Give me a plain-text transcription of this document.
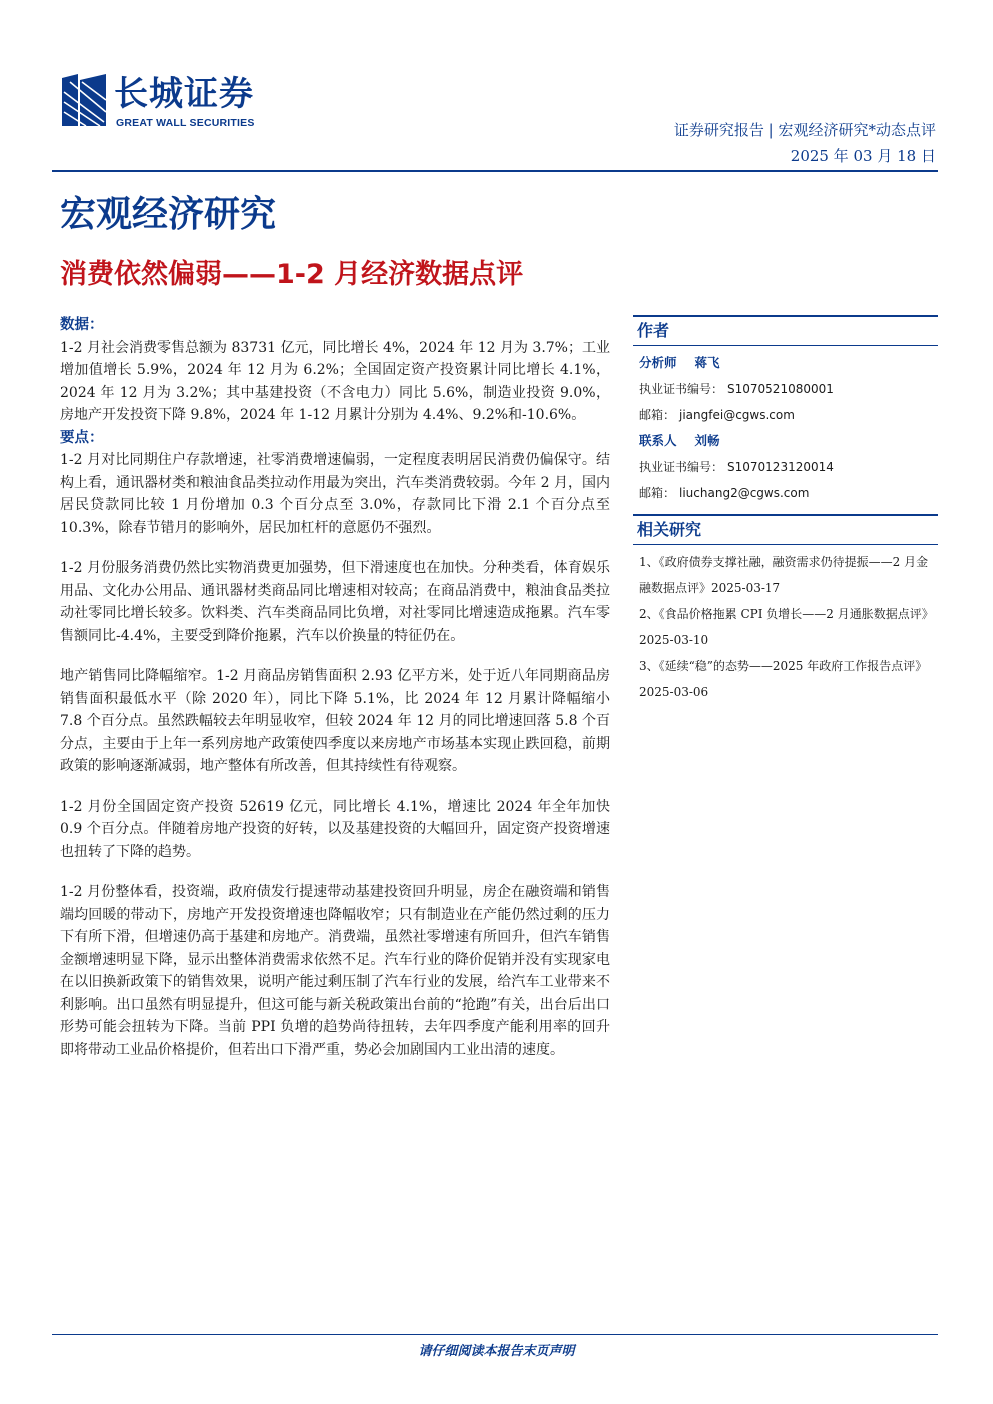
长城证券
GREAT WALL SECURITIES	证券研究报告 | 宏观经济研究*动态点评
2025 年 03 月 18 日
宏观经济研究
消费依然偏弱——1-2 月经济数据点评
数据：

1-2 月社会消费零售总额为 83731 亿元，同比增长 4%，2024 年 12 月为 3.7%；工业增加值增长 5.9%，2024 年 12 月为 6.2%；全国固定资产投资累计同比增长 4.1%，2024 年 12 月为 3.2%；其中基建投资（不含电力）同比 5.6%，制造业投资 9.0%，房地产开发投资下降 9.8%，2024 年 1-12 月累计分别为 4.4%、9.2%和-10.6%。

要点：

1-2 月对比同期住户存款增速，社零消费增速偏弱，一定程度表明居民消费仍偏保守。结构上看，通讯器材类和粮油食品类拉动作用最为突出，汽车类消费较弱。今年 2 月，国内居民贷款同比较 1 月份增加 0.3 个百分点至 3.0%，存款同比下滑 2.1 个百分点至 10.3%，除春节错月的影响外，居民加杠杆的意愿仍不强烈。

1-2 月份服务消费仍然比实物消费更加强势，但下滑速度也在加快。分种类看，体育娱乐用品、文化办公用品、通讯器材类商品同比增速相对较高；在商品消费中，粮油食品类拉动社零同比增长较多。饮料类、汽车类商品同比负增，对社零同比增速造成拖累。汽车零售额同比-4.4%，主要受到降价拖累，汽车以价换量的特征仍在。

地产销售同比降幅缩窄。1-2 月商品房销售面积 2.93 亿平方米，处于近八年同期商品房销售面积最低水平（除 2020 年），同比下降 5.1%，比 2024 年 12 月累计降幅缩小 7.8 个百分点。虽然跌幅较去年明显收窄，但较 2024 年 12 月的同比增速回落 5.8 个百分点，主要由于上年一系列房地产政策使四季度以来房地产市场基本实现止跌回稳，前期政策的影响逐渐减弱，地产整体有所改善，但其持续性有待观察。

1-2 月份全国固定资产投资 52619 亿元，同比增长 4.1%，增速比 2024 年全年加快 0.9 个百分点。伴随着房地产投资的好转，以及基建投资的大幅回升，固定资产投资增速也扭转了下降的趋势。

1-2 月份整体看，投资端，政府债发行提速带动基建投资回升明显，房企在融资端和销售端均回暖的带动下，房地产开发投资增速也降幅收窄；只有制造业在产能仍然过剩的压力下有所下滑，但增速仍高于基建和房地产。消费端，虽然社零增速有所回升，但汽车销售金额增速明显下降，显示出整体消费需求依然不足。汽车行业的降价促销并没有实现家电在以旧换新政策下的销售效果，说明产能过剩压制了汽车行业的发展，给汽车工业带来不利影响。出口虽然有明显提升，但这可能与新关税政策出台前的“抢跑”有关，出台后出口形势可能会扭转为下降。当前 PPI 负增的趋势尚待扭转，去年四季度产能利用率的回升即将带动工业品价格提价，但若出口下滑严重，势必会加剧国内工业出清的速度。

作者
分析师 蒋飞
执业证书编号： S1070521080001
邮箱： jiangfei@cgws.com
联系人 刘畅
执业证书编号： S1070123120014
邮箱： liuchang2@cgws.com
相关研究
1、《政府债券支撑社融，融资需求仍待提振——2 月金融数据点评》2025-03-17
2、《食品价格拖累 CPI 负增长——2 月通胀数据点评》2025-03-10
3、《延续“稳”的态势——2025 年政府工作报告点评》2025-03-06
请仔细阅读本报告末页声明
